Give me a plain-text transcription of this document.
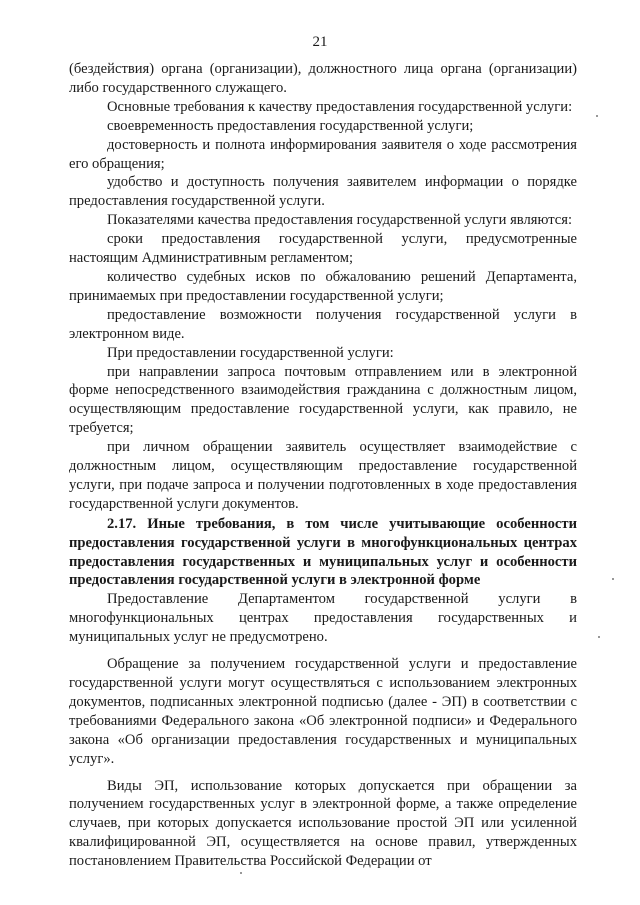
21

(бездействия) органа (организации), должностного лица органа (организации) либо государственного служащего.

Основные требования к качеству предоставления государственной услуги:

своевременность предоставления государственной услуги;

достоверность и полнота информирования заявителя о ходе рассмотрения его обращения;

удобство и доступность получения заявителем информации о порядке предоставления государственной услуги.

Показателями качества предоставления государственной услуги являются:

сроки предоставления государственной услуги, предусмотренные настоящим Административным регламентом;

количество судебных исков по обжалованию решений Департамента, принимаемых при предоставлении государственной услуги;

предоставление возможности получения государственной услуги в электронном виде.

При предоставлении государственной услуги:

при направлении запроса почтовым отправлением или в электронной форме непосредственного взаимодействия гражданина с должностным лицом, осуществляющим предоставление государственной услуги, как правило, не требуется;

при личном обращении заявитель осуществляет взаимодействие с должностным лицом, осуществляющим предоставление государственной услуги, при подаче запроса и получении подготовленных в ходе предоставления государственной услуги документов.

2.17. Иные требования, в том числе учитывающие особенности предоставления государственной услуги в многофункциональных центрах предоставления государственных и муниципальных услуг и особенности предоставления государственной услуги в электронной форме

Предоставление Департаментом государственной услуги в многофункциональных центрах предоставления государственных и муниципальных услуг не предусмотрено.

Обращение за получением государственной услуги и предоставление государственной услуги могут осуществляться с использованием электронных документов, подписанных электронной подписью (далее - ЭП) в соответствии с требованиями Федерального закона «Об электронной подписи» и Федерального закона «Об организации предоставления государственных и муниципальных услуг».

Виды ЭП, использование которых допускается при обращении за получением государственных услуг в электронной форме, а также определение случаев, при которых допускается использование простой ЭП или усиленной квалифицированной ЭП, осуществляется на основе правил, утвержденных постановлением Правительства Российской Федерации от
